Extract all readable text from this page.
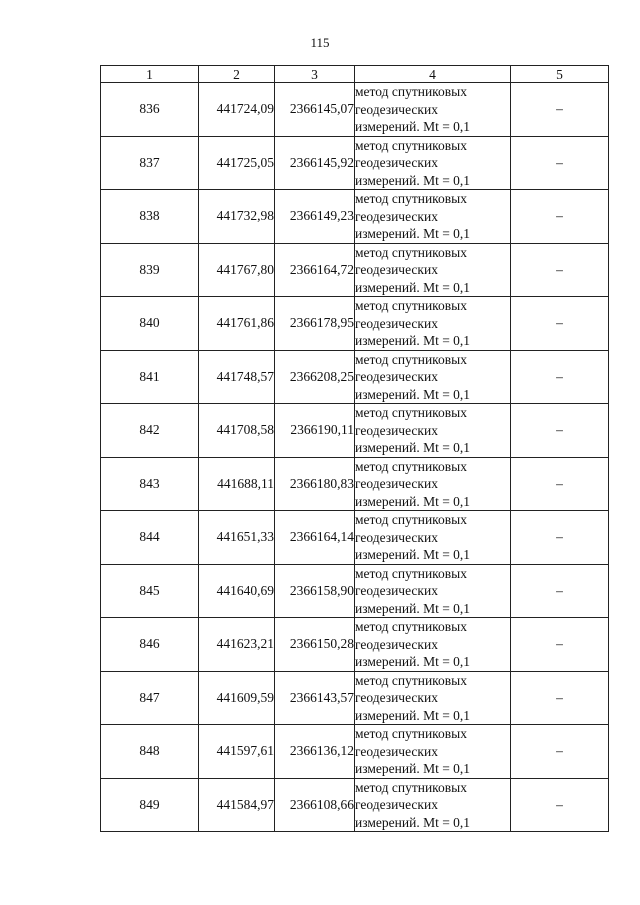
115
1	2	3	4	5
836	441724,09	2366145,07	метод спутниковых
геодезических
измерений. Mt = 0,1	–
837	441725,05	2366145,92	метод спутниковых
геодезических
измерений. Mt = 0,1	–
838	441732,98	2366149,23	метод спутниковых
геодезических
измерений. Mt = 0,1	–
839	441767,80	2366164,72	метод спутниковых
геодезических
измерений. Mt = 0,1	–
840	441761,86	2366178,95	метод спутниковых
геодезических
измерений. Mt = 0,1	–
841	441748,57	2366208,25	метод спутниковых
геодезических
измерений. Mt = 0,1	–
842	441708,58	2366190,11	метод спутниковых
геодезических
измерений. Mt = 0,1	–
843	441688,11	2366180,83	метод спутниковых
геодезических
измерений. Mt = 0,1	–
844	441651,33	2366164,14	метод спутниковых
геодезических
измерений. Mt = 0,1	–
845	441640,69	2366158,90	метод спутниковых
геодезических
измерений. Mt = 0,1	–
846	441623,21	2366150,28	метод спутниковых
геодезических
измерений. Mt = 0,1	–
847	441609,59	2366143,57	метод спутниковых
геодезических
измерений. Mt = 0,1	–
848	441597,61	2366136,12	метод спутниковых
геодезических
измерений. Mt = 0,1	–
849	441584,97	2366108,66	метод спутниковых
геодезических
измерений. Mt = 0,1	–
